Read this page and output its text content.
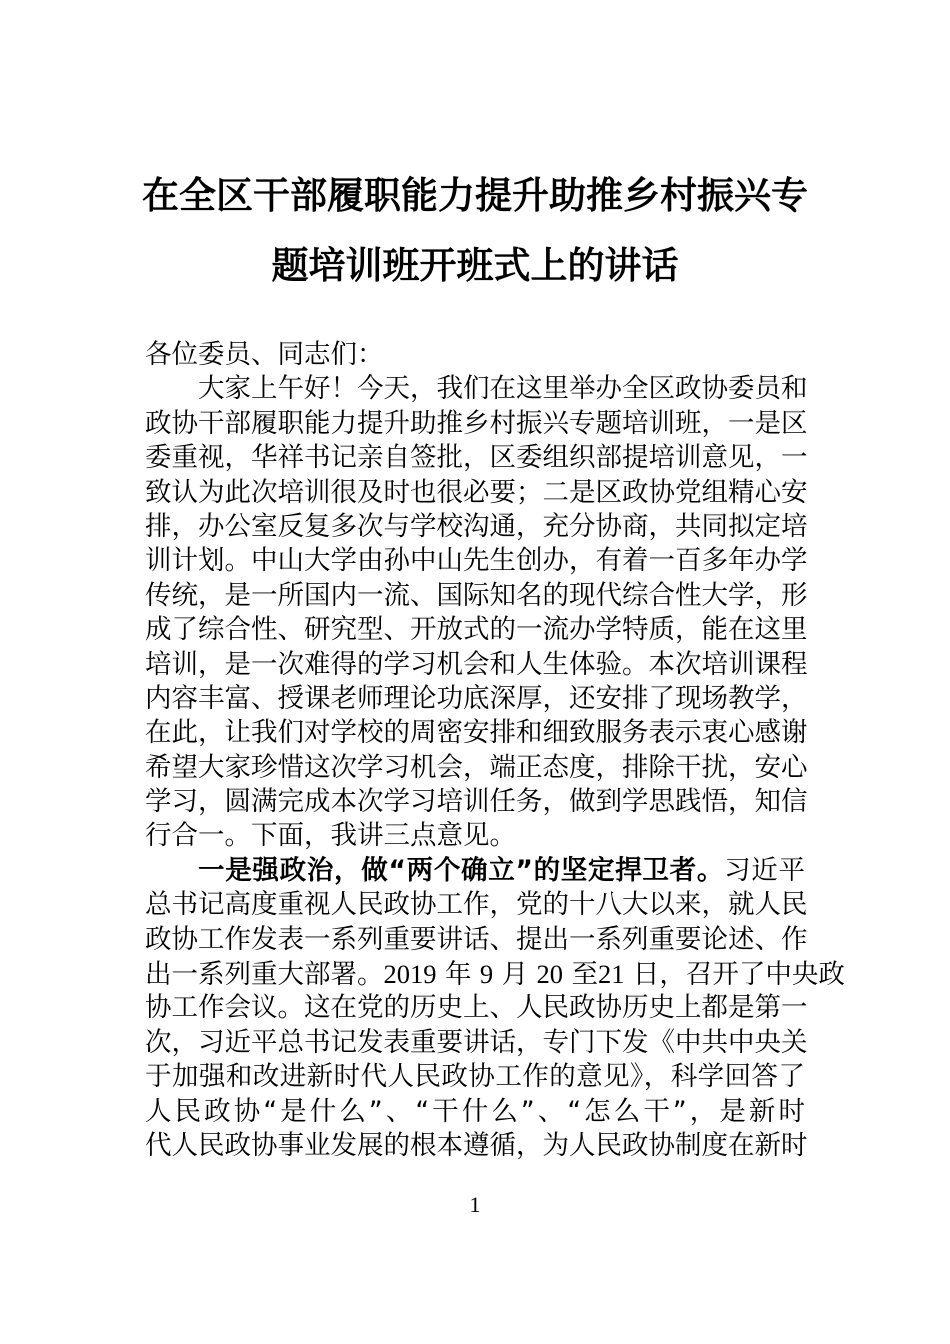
在全区干部履职能力提升助推乡村振兴专
题培训班开班式上的讲话
各位委员、同志们：
大家上午好！今天，我们在这里举办全区政协委员和
政协干部履职能力提升助推乡村振兴专题培训班，一是区
委重视，华祥书记亲自签批，区委组织部提培训意见，一
致认为此次培训很及时也很必要；二是区政协党组精心安
排，办公室反复多次与学校沟通，充分协商，共同拟定培
训计划。中山大学由孙中山先生创办，有着一百多年办学
传统，是一所国内一流、国际知名的现代综合性大学，形
成了综合性、研究型、开放式的一流办学特质，能在这里
培训，是一次难得的学习机会和人生体验。本次培训课程
内容丰富、授课老师理论功底深厚，还安排了现场教学，
在此，让我们对学校的周密安排和细致服务表示衷心感谢
希望大家珍惜这次学习机会，端正态度，排除干扰，安心
学习，圆满完成本次学习培训任务，做到学思践悟，知信
行合一。下面，我讲三点意见。
一是强政治，做“两个确立”的坚定捍卫者。习近平
总书记高度重视人民政协工作，党的十八大以来，就人民
政协工作发表一系列重要讲话、提出一系列重要论述、作
出一系列重大部署。2019 年 9 月 20 至21 日，召开了中央政
协工作会议。这在党的历史上、人民政协历史上都是第一
次，习近平总书记发表重要讲话，专门下发《中共中央关
于加强和改进新时代人民政协工作的意见》，科学回答了
人民政协“是什么”、“干什么”、“怎么干”，是新时
代人民政协事业发展的根本遵循，为人民政协制度在新时
1
